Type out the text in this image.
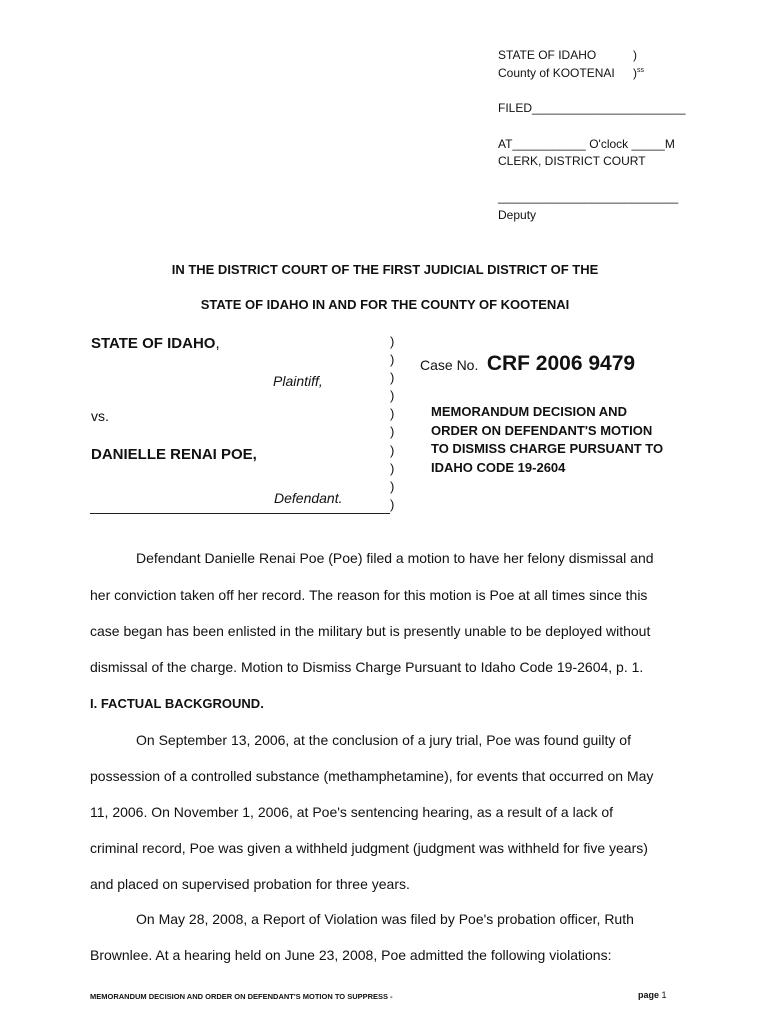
STATE OF IDAHO	)
County of KOOTENAI )$^{ss}$
FILED_______________________
AT___________ O'clock _____M
CLERK, DISTRICT COURT
___________________________
Deputy
IN THE DISTRICT COURT OF THE FIRST JUDICIAL DISTRICT OF THE
STATE OF IDAHO IN AND FOR THE COUNTY OF KOOTENAI
STATE OF IDAHO,
Plaintiff,
vs.
DANIELLE RENAI POE,
Defendant.
)
)
)
)
)
)
)
)
)
)
Case No. CRF 2006 9479
MEMORANDUM DECISION AND
ORDER ON DEFENDANT'S MOTION
TO DISMISS CHARGE PURSUANT TO
IDAHO CODE 19-2604
Defendant Danielle Renai Poe (Poe) filed a motion to have her felony dismissal and
her conviction taken off her record. The reason for this motion is Poe at all times since this
case began has been enlisted in the military but is presently unable to be deployed without
dismissal of the charge. Motion to Dismiss Charge Pursuant to Idaho Code 19-2604, p. 1.
I. FACTUAL BACKGROUND.
On September 13, 2006, at the conclusion of a jury trial, Poe was found guilty of
possession of a controlled substance (methamphetamine), for events that occurred on May
11, 2006. On November 1, 2006, at Poe's sentencing hearing, as a result of a lack of
criminal record, Poe was given a withheld judgment (judgment was withheld for five years)
and placed on supervised probation for three years.
On May 28, 2008, a Report of Violation was filed by Poe's probation officer, Ruth
Brownlee. At a hearing held on June 23, 2008, Poe admitted the following violations:
MEMORANDUM DECISION AND ORDER ON DEFENDANT'S MOTION TO SUPPRESS -	page 1
